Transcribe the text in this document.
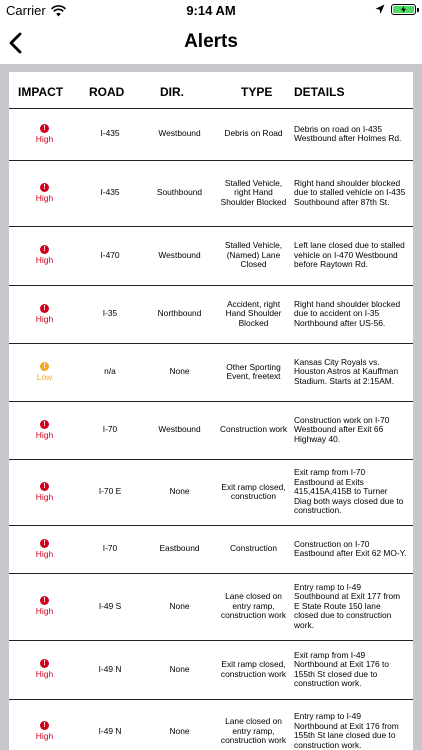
Carrier	9:14 AM
Alerts
IMPACT	ROAD	DIR.	TYPE	DETAILS

!
High	I-435	Westbound	Debris on Road	Debris on road on I-435 Westbound after Holmes Rd.

!
High	I-435	Southbound	Stalled Vehicle, right Hand Shoulder Blocked	Right hand shoulder blocked due to stalled vehicle on I-435 Southbound after 87th St.

!
High	I-470	Westbound	Stalled Vehicle, (Named) Lane Closed	Left lane closed due to stalled vehicle on I-470 Westbound before Raytown Rd.

!
High	I-35	Northbound	Accident, right Hand Shoulder Blocked	Right hand shoulder blocked due to accident on I-35 Northbound after US-56.

!
Low	n/a	None	Other Sporting Event, freetext	Kansas City Royals vs. Houston Astros at Kauffman Stadium. Starts at 2:15AM.

!
High	I-70	Westbound	Construction work	Construction work on I-70 Westbound after Exit 66 Highway 40.

!
High	I-70 E	None	Exit ramp closed, construction	Exit ramp from I-70 Eastbound at Exits 415,415A,415B to Turner Diag both ways closed due to construction.

!
High	I-70	Eastbound	Construction	Construction on I-70 Eastbound after Exit 62 MO-Y.

!
High	I-49 S	None	Lane closed on entry ramp, construction work	Entry ramp to I-49 Southbound at Exit 177 from E State Route 150 lane closed due to construction work.

!
High	I-49 N	None	Exit ramp closed, construction work	Exit ramp from I-49 Northbound at Exit 176 to 155th St closed due to construction work.

!
High	I-49 N	None	Lane closed on entry ramp, construction work	Entry ramp to I-49 Northbound at Exit 176 from 155th St lane closed due to construction work.
